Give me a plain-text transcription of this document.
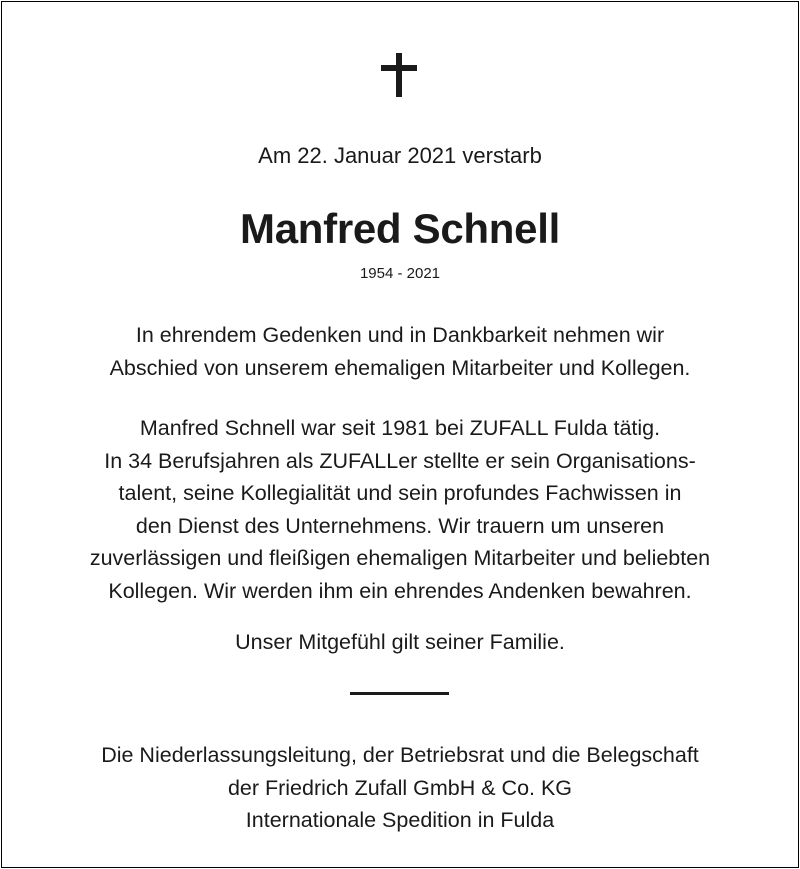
Am 22. Januar 2021 verstarb
Manfred Schnell
1954 - 2021
In ehrendem Gedenken und in Dankbarkeit nehmen wir
Abschied von unserem ehemaligen Mitarbeiter und Kollegen.
Manfred Schnell war seit 1981 bei ZUFALL Fulda tätig.
In 34 Berufsjahren als ZUFALLer stellte er sein Organisations-
talent, seine Kollegialität und sein profundes Fachwissen in
den Dienst des Unternehmens. Wir trauern um unseren
zuverlässigen und fleißigen ehemaligen Mitarbeiter und beliebten
Kollegen. Wir werden ihm ein ehrendes Andenken bewahren.
Unser Mitgefühl gilt seiner Familie.
Die Niederlassungsleitung, der Betriebsrat und die Belegschaft
der Friedrich Zufall GmbH & Co. KG
Internationale Spedition in Fulda
